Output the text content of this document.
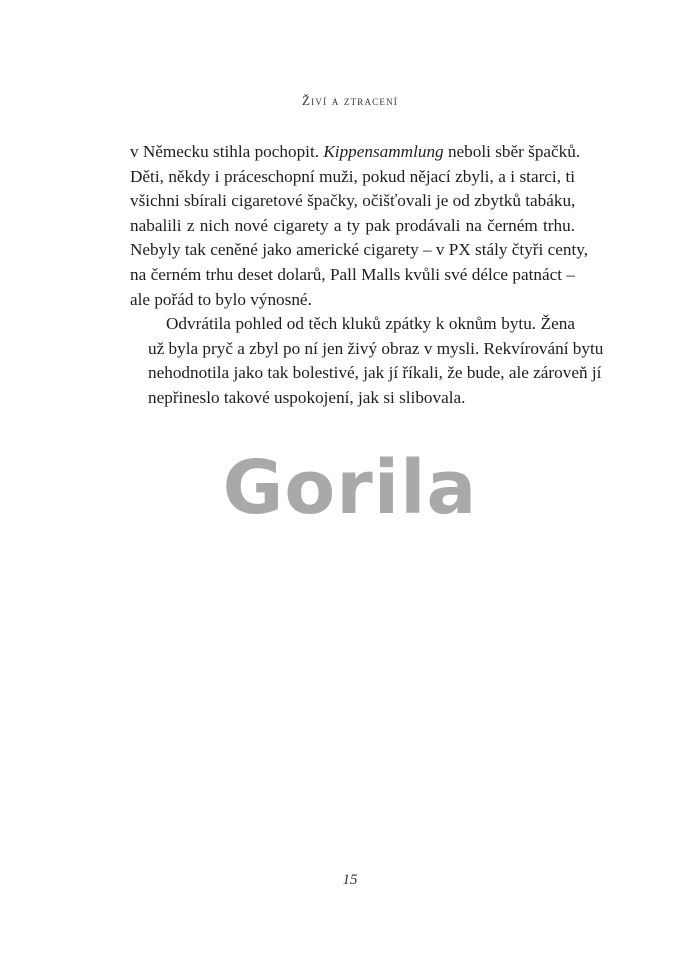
Živí a ztracení

v Německu stihla pochopit. Kippensammlung neboli sběr špačků.
Děti, někdy i práceschopní muži, pokud nějací zbyli, a i starci, ti
všichni sbírali cigaretové špačky, očišťovali je od zbytků tabáku,
nabalili z nich nové cigarety a ty pak prodávali na černém trhu.
Nebyly tak ceněné jako americké cigarety – v PX stály čtyři centy,
na černém trhu deset dolarů, Pall Malls kvůli své délce patnáct –
ale pořád to bylo výnosné.

Odvrátila pohled od těch kluků zpátky k oknům bytu. Žena
už byla pryč a zbyl po ní jen živý obraz v mysli. Rekvírování bytu
nehodnotila jako tak bolestivé, jak jí říkali, že bude, ale zároveň jí
nepřineslo takové uspokojení, jak si slibovala.

Gorila
15
